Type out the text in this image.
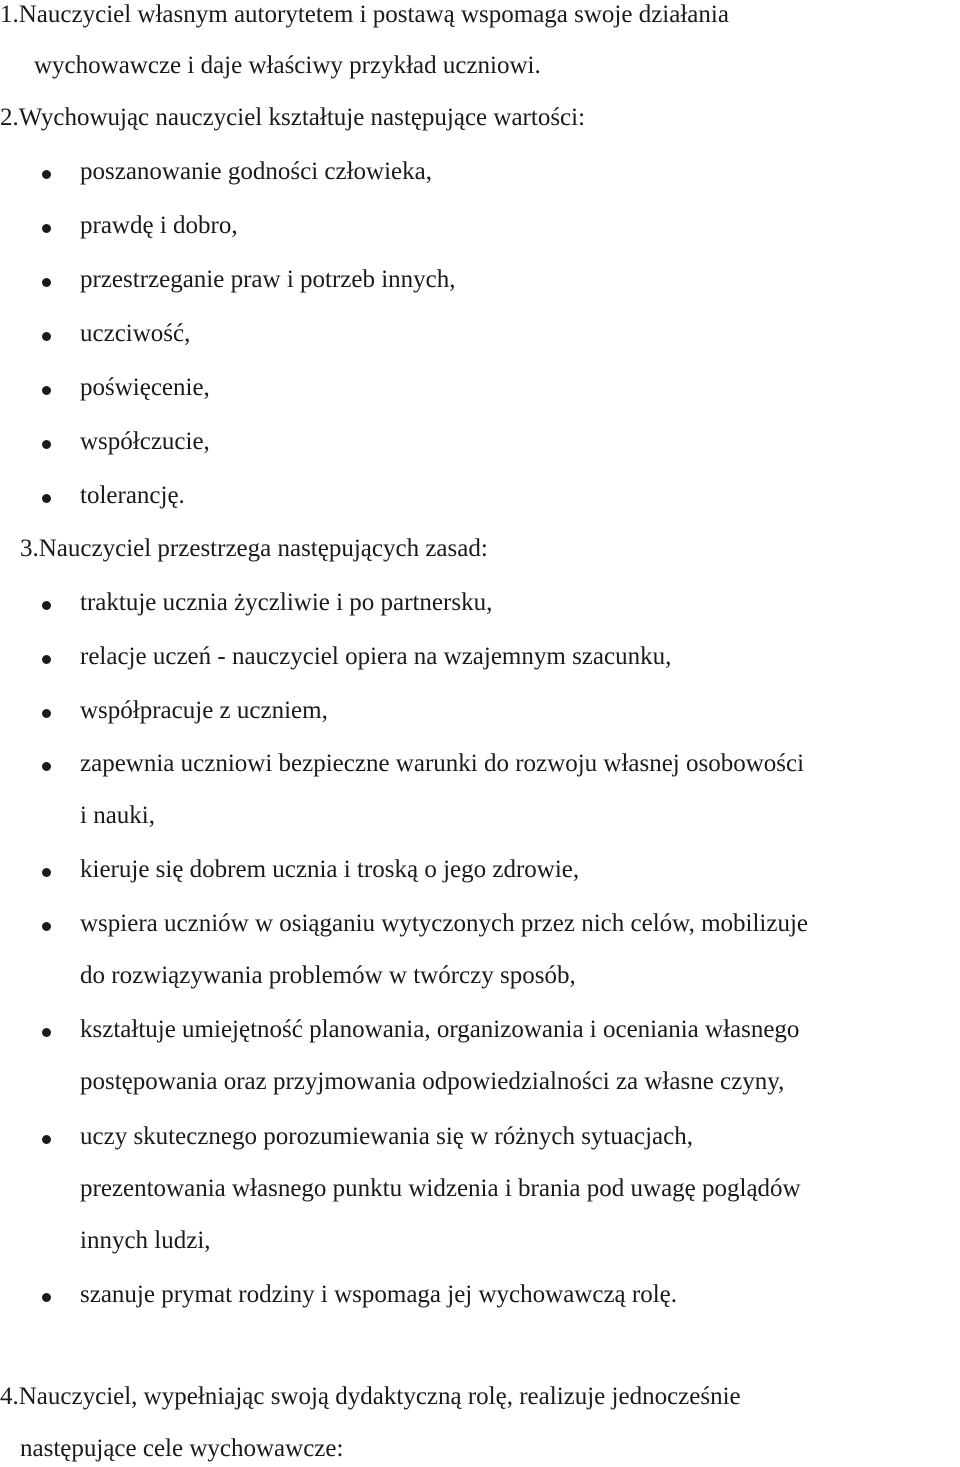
1.Nauczyciel własnym autorytetem i postawą wspomaga swoje działania
wychowawcze i daje właściwy przykład uczniowi.
2.Wychowując nauczyciel kształtuje następujące wartości:
poszanowanie godności człowieka,
prawdę i dobro,
przestrzeganie praw i potrzeb innych,
uczciwość,
poświęcenie,
współczucie,
tolerancję.
3.Nauczyciel przestrzega następujących zasad:
traktuje ucznia życzliwie i po partnersku,
relacje uczeń - nauczyciel opiera na wzajemnym szacunku,
współpracuje z uczniem,
zapewnia uczniowi bezpieczne warunki do rozwoju własnej osobowości
i nauki,
kieruje się dobrem ucznia i troską o jego zdrowie,
wspiera uczniów w osiąganiu wytyczonych przez nich celów, mobilizuje
do rozwiązywania problemów w twórczy sposób,
kształtuje umiejętność planowania, organizowania i oceniania własnego
postępowania oraz przyjmowania odpowiedzialności za własne czyny,
uczy skutecznego porozumiewania się w różnych sytuacjach,
prezentowania własnego punktu widzenia i brania pod uwagę poglądów
innych ludzi,
szanuje prymat rodziny i wspomaga jej wychowawczą rolę.
4.Nauczyciel, wypełniając swoją dydaktyczną rolę, realizuje jednocześnie
następujące cele wychowawcze:
